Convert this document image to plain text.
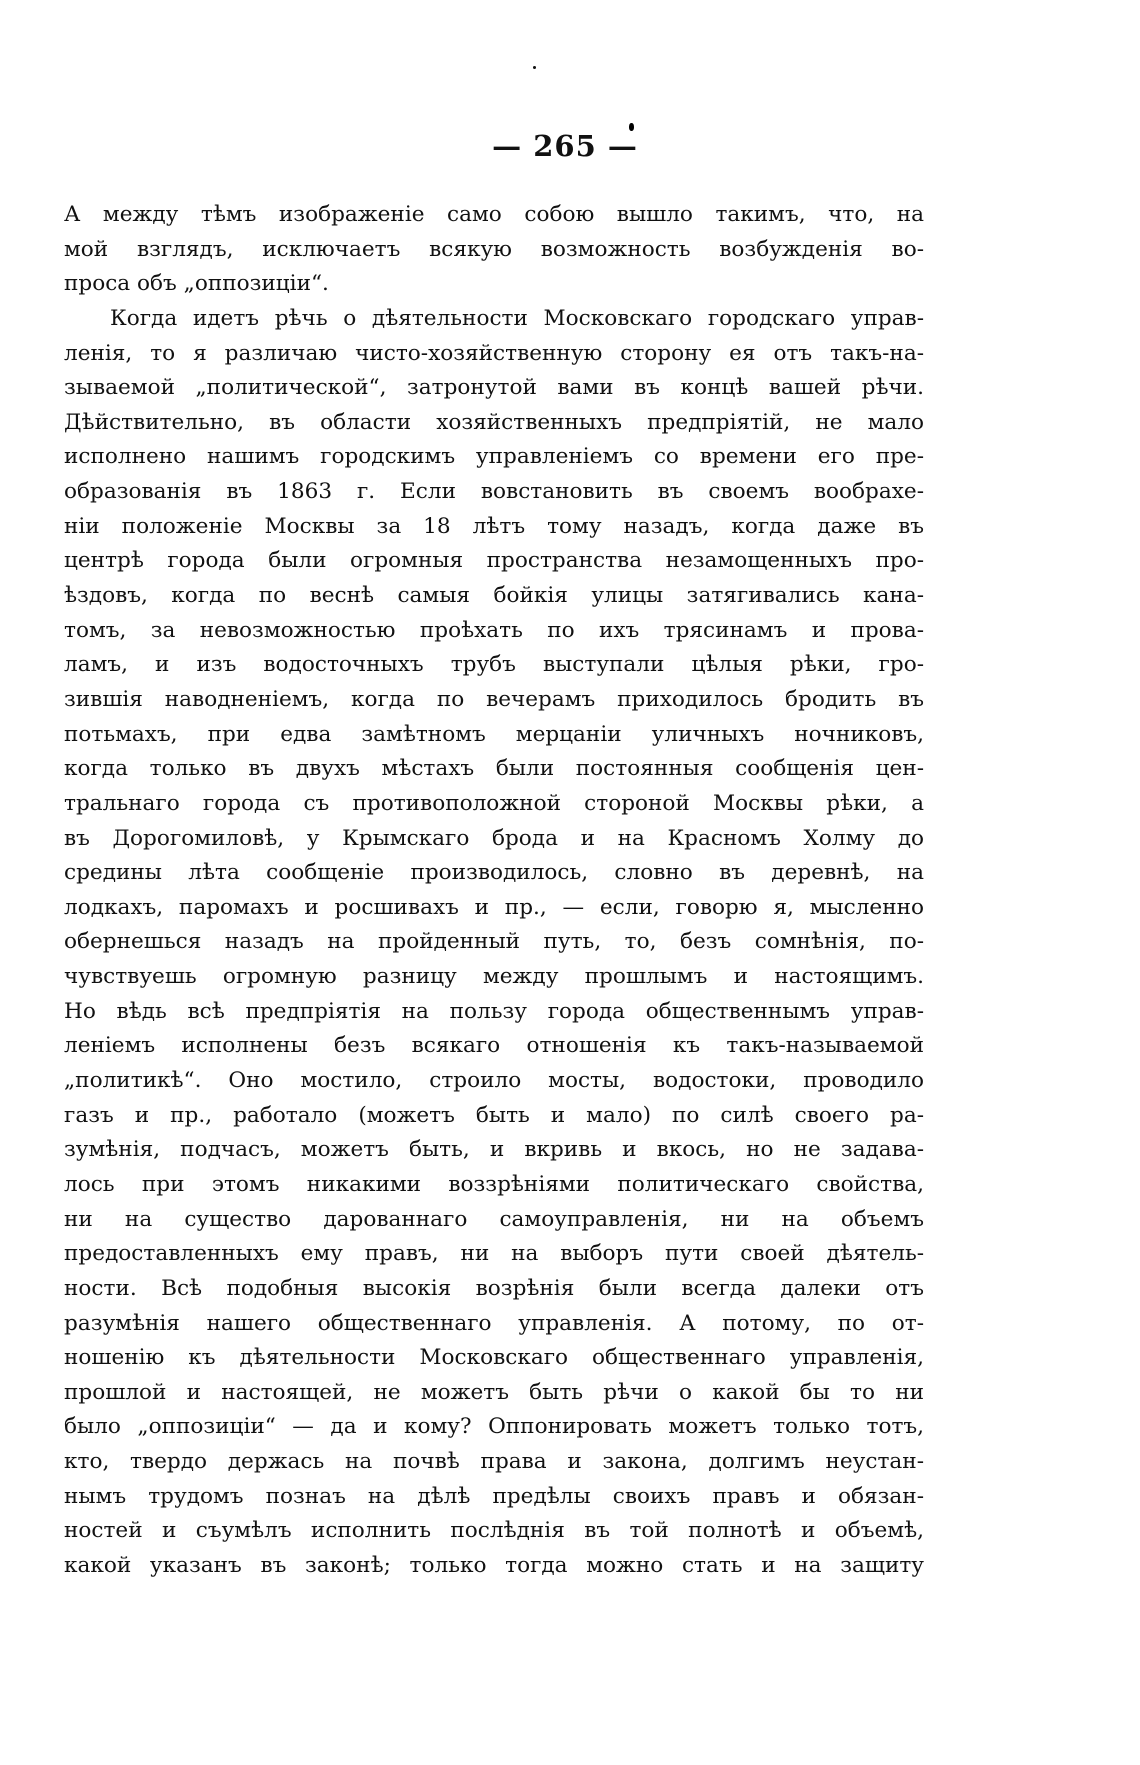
— 265 —

А между тѣмъ изображенiе само собою вышло такимъ, что, на

мой взглядъ, исключаетъ всякую возможность возбужденiя во-

проса объ „оппозицiи“.

Когда идетъ рѣчь о дѣятельности Московскаго городскаго управ-

ленiя, то я различаю чисто-хозяйственную сторону ея отъ такъ-на-

зываемой „политической“, затронутой вами въ концѣ вашей рѣчи.

Дѣйствительно, въ области хозяйственныхъ предпрiятiй, не мало

исполнено нашимъ городскимъ управленiемъ со времени его пре-

образованiя въ 1863 г. Если вовстановить въ своемъ вообрахе-

нiи положенiе Москвы за 18 лѣтъ тому назадъ, когда даже въ

центрѣ города были огромныя пространства незамощенныхъ про-

ѣздовъ, когда по веснѣ самыя бойкiя улицы затягивались кана-

томъ, за невозможностью проѣхать по ихъ трясинамъ и прова-

ламъ, и изъ водосточныхъ трубъ выступали цѣлыя рѣки, гро-

зившiя наводненiемъ, когда по вечерамъ приходилось бродить въ

потьмахъ, при едва замѣтномъ мерцанiи уличныхъ ночниковъ,

когда только въ двухъ мѣстахъ были постоянныя сообщенiя цен-

тральнаго города съ противоположной стороной Москвы рѣки, а

въ Дорогомиловѣ, у Крымскаго брода и на Красномъ Холму до

средины лѣта сообщенiе производилось, словно въ деревнѣ, на

лодкахъ, паромахъ и росшивахъ и пр., — если, говорю я, мысленно

обернешься назадъ на пройденный путь, то, безъ сомнѣнiя, по-

чувствуешь огромную разницу между прошлымъ и настоящимъ.

Но вѣдь всѣ предпрiятiя на пользу города общественнымъ управ-

ленiемъ исполнены безъ всякаго отношенiя къ такъ-называемой

„политикѣ“. Оно мостило, строило мосты, водостоки, проводило

газъ и пр., работало (можетъ быть и мало) по силѣ своего ра-

зумѣнiя, подчасъ, можетъ быть, и вкривь и вкось, но не задава-

лось при этомъ никакими воззрѣнiями политическаго свойства,

ни на существо дарованнаго самоуправленiя, ни на объемъ

предоставленныхъ ему правъ, ни на выборъ пути своей дѣятель-

ности. Всѣ подобныя высокiя возрѣнiя были всегда далеки отъ

разумѣнiя нашего общественнаго управленiя. А потому, по от-

ношенiю къ дѣятельности Московскаго общественнаго управленiя,

прошлой и настоящей, не можетъ быть рѣчи о какой бы то ни

было „оппозицiи“ — да и кому? Оппонировать можетъ только тотъ,

кто, твердо держась на почвѣ права и закона, долгимъ неустан-

нымъ трудомъ познаъ на дѣлѣ предѣлы своихъ правъ и обязан-

ностей и съумѣлъ исполнить послѣднiя въ той полнотѣ и объемѣ,

какой указанъ въ законѣ; только тогда можно стать и на защиту
